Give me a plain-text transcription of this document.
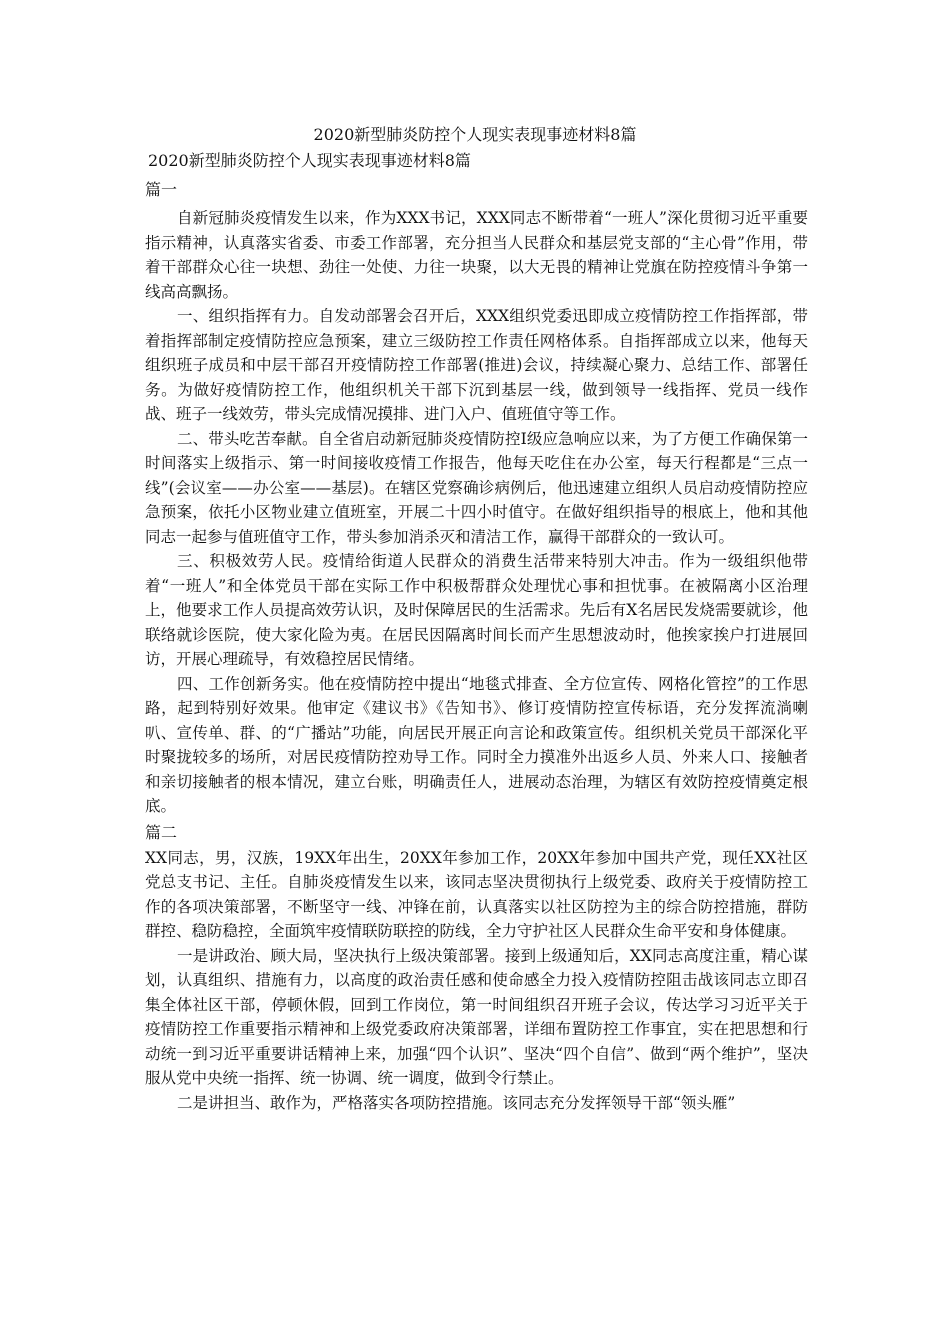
2020新型肺炎防控个人现实表现事迹材料8篇
2020新型肺炎防控个人现实表现事迹材料8篇

篇一

自新冠肺炎疫情发生以来，作为XXX书记，XXX同志不断带着“一班人”深化贯彻习近平重要指示精神，认真落实省委、市委工作部署，充分担当人民群众和基层党支部的“主心骨”作用，带着干部群众心往一块想、劲往一处使、力往一块聚，以大无畏的精神让党旗在防控疫情斗争第一线高高飘扬。

一、组织指挥有力。自发动部署会召开后，XXX组织党委迅即成立疫情防控工作指挥部，带着指挥部制定疫情防控应急预案，建立三级防控工作责任网格体系。自指挥部成立以来，他每天组织班子成员和中层干部召开疫情防控工作部署(推进)会议，持续凝心聚力、总结工作、部署任务。为做好疫情防控工作，他组织机关干部下沉到基层一线，做到领导一线指挥、党员一线作战、班子一线效劳，带头完成情况摸排、进门入户、值班值守等工作。

二、带头吃苦奉献。自全省启动新冠肺炎疫情防控Ⅰ级应急响应以来，为了方便工作确保第一时间落实上级指示、第一时间接收疫情工作报告，他每天吃住在办公室，每天行程都是“三点一线”(会议室——办公室——基层)。在辖区党察确诊病例后，他迅速建立组织人员启动疫情防控应急预案，依托小区物业建立值班室，开展二十四小时值守。在做好组织指导的根底上，他和其他同志一起参与值班值守工作，带头参加消杀灭和清洁工作，赢得干部群众的一致认可。

三、积极效劳人民。疫情给街道人民群众的消费生活带来特别大冲击。作为一级组织他带着“一班人”和全体党员干部在实际工作中积极帮群众处理忧心事和担忧事。在被隔离小区治理上，他要求工作人员提高效劳认识，及时保障居民的生活需求。先后有X名居民发烧需要就诊，他联络就诊医院，使大家化险为夷。在居民因隔离时间长而产生思想波动时，他挨家挨户打进展回访，开展心理疏导，有效稳控居民情绪。

四、工作创新务实。他在疫情防控中提出“地毯式排查、全方位宣传、网格化管控”的工作思路，起到特别好效果。他审定《建议书》《告知书》、修订疫情防控宣传标语，充分发挥流淌喇叭、宣传单、群、的“广播站”功能，向居民开展正向言论和政策宣传。组织机关党员干部深化平时聚拢较多的场所，对居民疫情防控劝导工作。同时全力摸准外出返乡人员、外来人口、接触者和亲切接触者的根本情况，建立台账，明确责任人，进展动态治理，为辖区有效防控疫情奠定根底。

篇二

XX同志，男，汉族，19XX年出生，20XX年参加工作，20XX年参加中国共产党，现任XX社区党总支书记、主任。自肺炎疫情发生以来，该同志坚决贯彻执行上级党委、政府关于疫情防控工作的各项决策部署，不断坚守一线、冲锋在前，认真落实以社区防控为主的综合防控措施，群防群控、稳防稳控，全面筑牢疫情联防联控的防线，全力守护社区人民群众生命平安和身体健康。

一是讲政治、顾大局，坚决执行上级决策部署。接到上级通知后，XX同志高度注重，精心谋划，认真组织、措施有力，以高度的政治责任感和使命感全力投入疫情防控阻击战该同志立即召集全体社区干部，停顿休假，回到工作岗位，第一时间组织召开班子会议，传达学习习近平关于疫情防控工作重要指示精神和上级党委政府决策部署，详细布置防控工作事宜，实在把思想和行动统一到习近平重要讲话精神上来，加强“四个认识”、坚决“四个自信”、做到“两个维护”，坚决服从党中央统一指挥、统一协调、统一调度，做到令行禁止。

二是讲担当、敢作为，严格落实各项防控措施。该同志充分发挥领导干部“领头雁”
